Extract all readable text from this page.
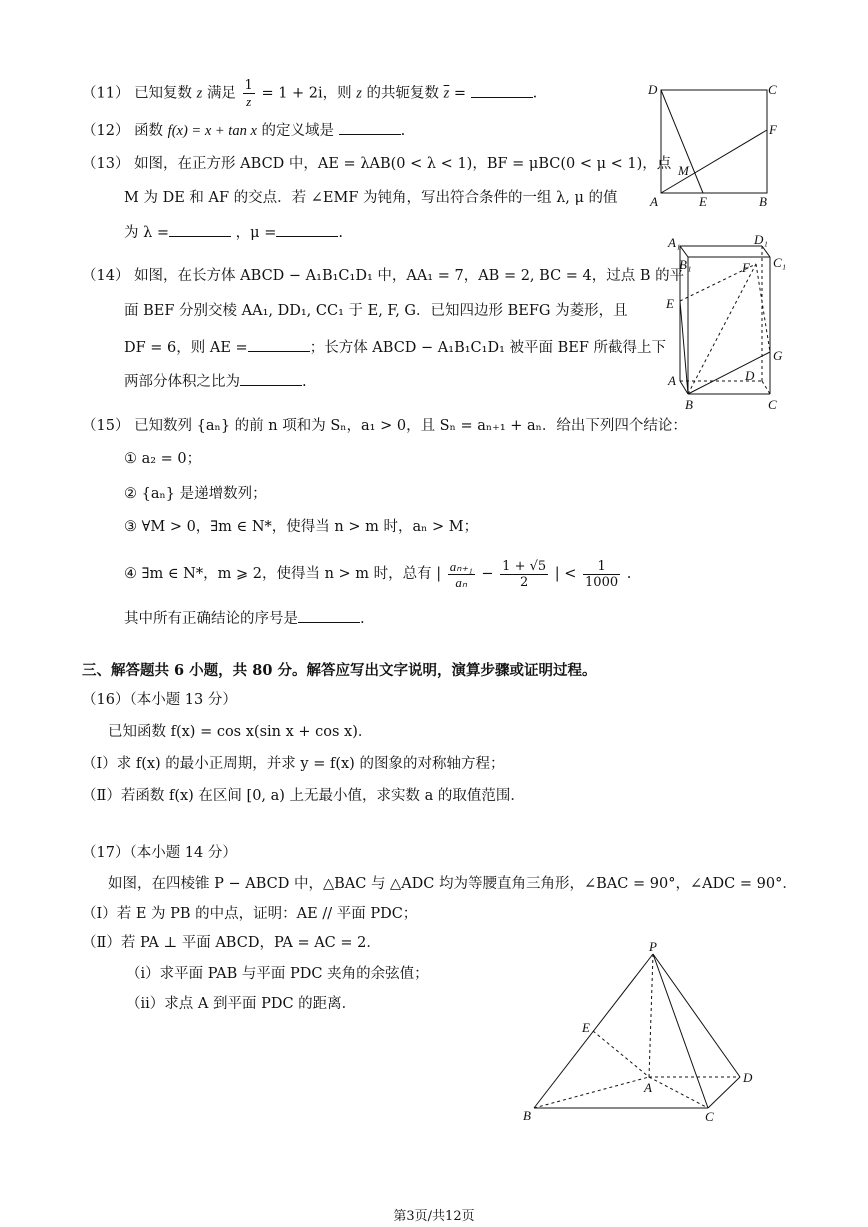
（11） 已知复数 z 满足 $\frac{1}{z} = 1 + 2i$，则 z 的共轭复数 $\overline{z}$ =	.
（12） 函数 f(x) = x + tan x 的定义域是	.
（13） 如图，在正方形 ABCD 中，AE = λAB(0 < λ < 1)，BF = μBC(0 < μ < 1)，点
M 为 DE 和 AF 的交点．若 ∠EMF 为钝角，写出符合条件的一组 λ, μ 的值
为 λ =	，μ =	.
（14） 如图，在长方体 ABCD − A₁B₁C₁D₁ 中，AA₁ = 7，AB = 2, BC = 4，过点 B 的平
面 BEF 分别交棱 AA₁, DD₁, CC₁ 于 E, F, G．已知四边形 BEFG 为菱形，且
DF = 6，则 AE =	；长方体 ABCD − A₁B₁C₁D₁ 被平面 BEF 所截得上下
两部分体积之比为	.
（15） 已知数列 {aₙ} 的前 n 项和为 Sₙ，a₁ > 0，且 Sₙ = aₙ₊₁ + aₙ．给出下列四个结论：
① a₂ = 0；
② {aₙ} 是递增数列；
③ ∀M > 0，∃m ∈ N*，使得当 n > m 时，aₙ > M；
④ ∃m ∈ N*，m ⩾ 2，使得当 n > m 时，总有 | $\frac{\text{aₙ₊₁}}{\text{aₙ}} - \frac{1 + √5}{2}$ | < $\frac{1}{1000}$ .
其中所有正确结论的序号是	.
三、解答题共 6 小题，共 80 分。解答应写出文字说明，演算步骤或证明过程。
（16）（本小题 13 分）
已知函数 f(x) = cos x(sin x + cos x)．
（Ⅰ）求 f(x) 的最小正周期，并求 y = f(x) 的图象的对称轴方程；
（Ⅱ）若函数 f(x) 在区间 [0, a) 上无最小值，求实数 a 的取值范围．
（17）（本小题 14 分）
如图，在四棱锥 P − ABCD 中，△BAC 与 △ADC 均为等腰直角三角形，∠BAC = 90°，∠ADC = 90°．
（Ⅰ）若 E 为 PB 的中点，证明：AE // 平面 PDC；
（Ⅱ）若 PA ⊥ 平面 ABCD，PA = AC = 2．
（ⅰ）求平面 PAB 与平面 PDC 夹角的余弦值；
（ⅱ）求点 A 到平面 PDC 的距离．
D	C
F
M
A	E	B
A₁	D₁
B₁	C₁
F
E
G
A	D
B	C
P
E
A
D
B	C
第3页/共12页
